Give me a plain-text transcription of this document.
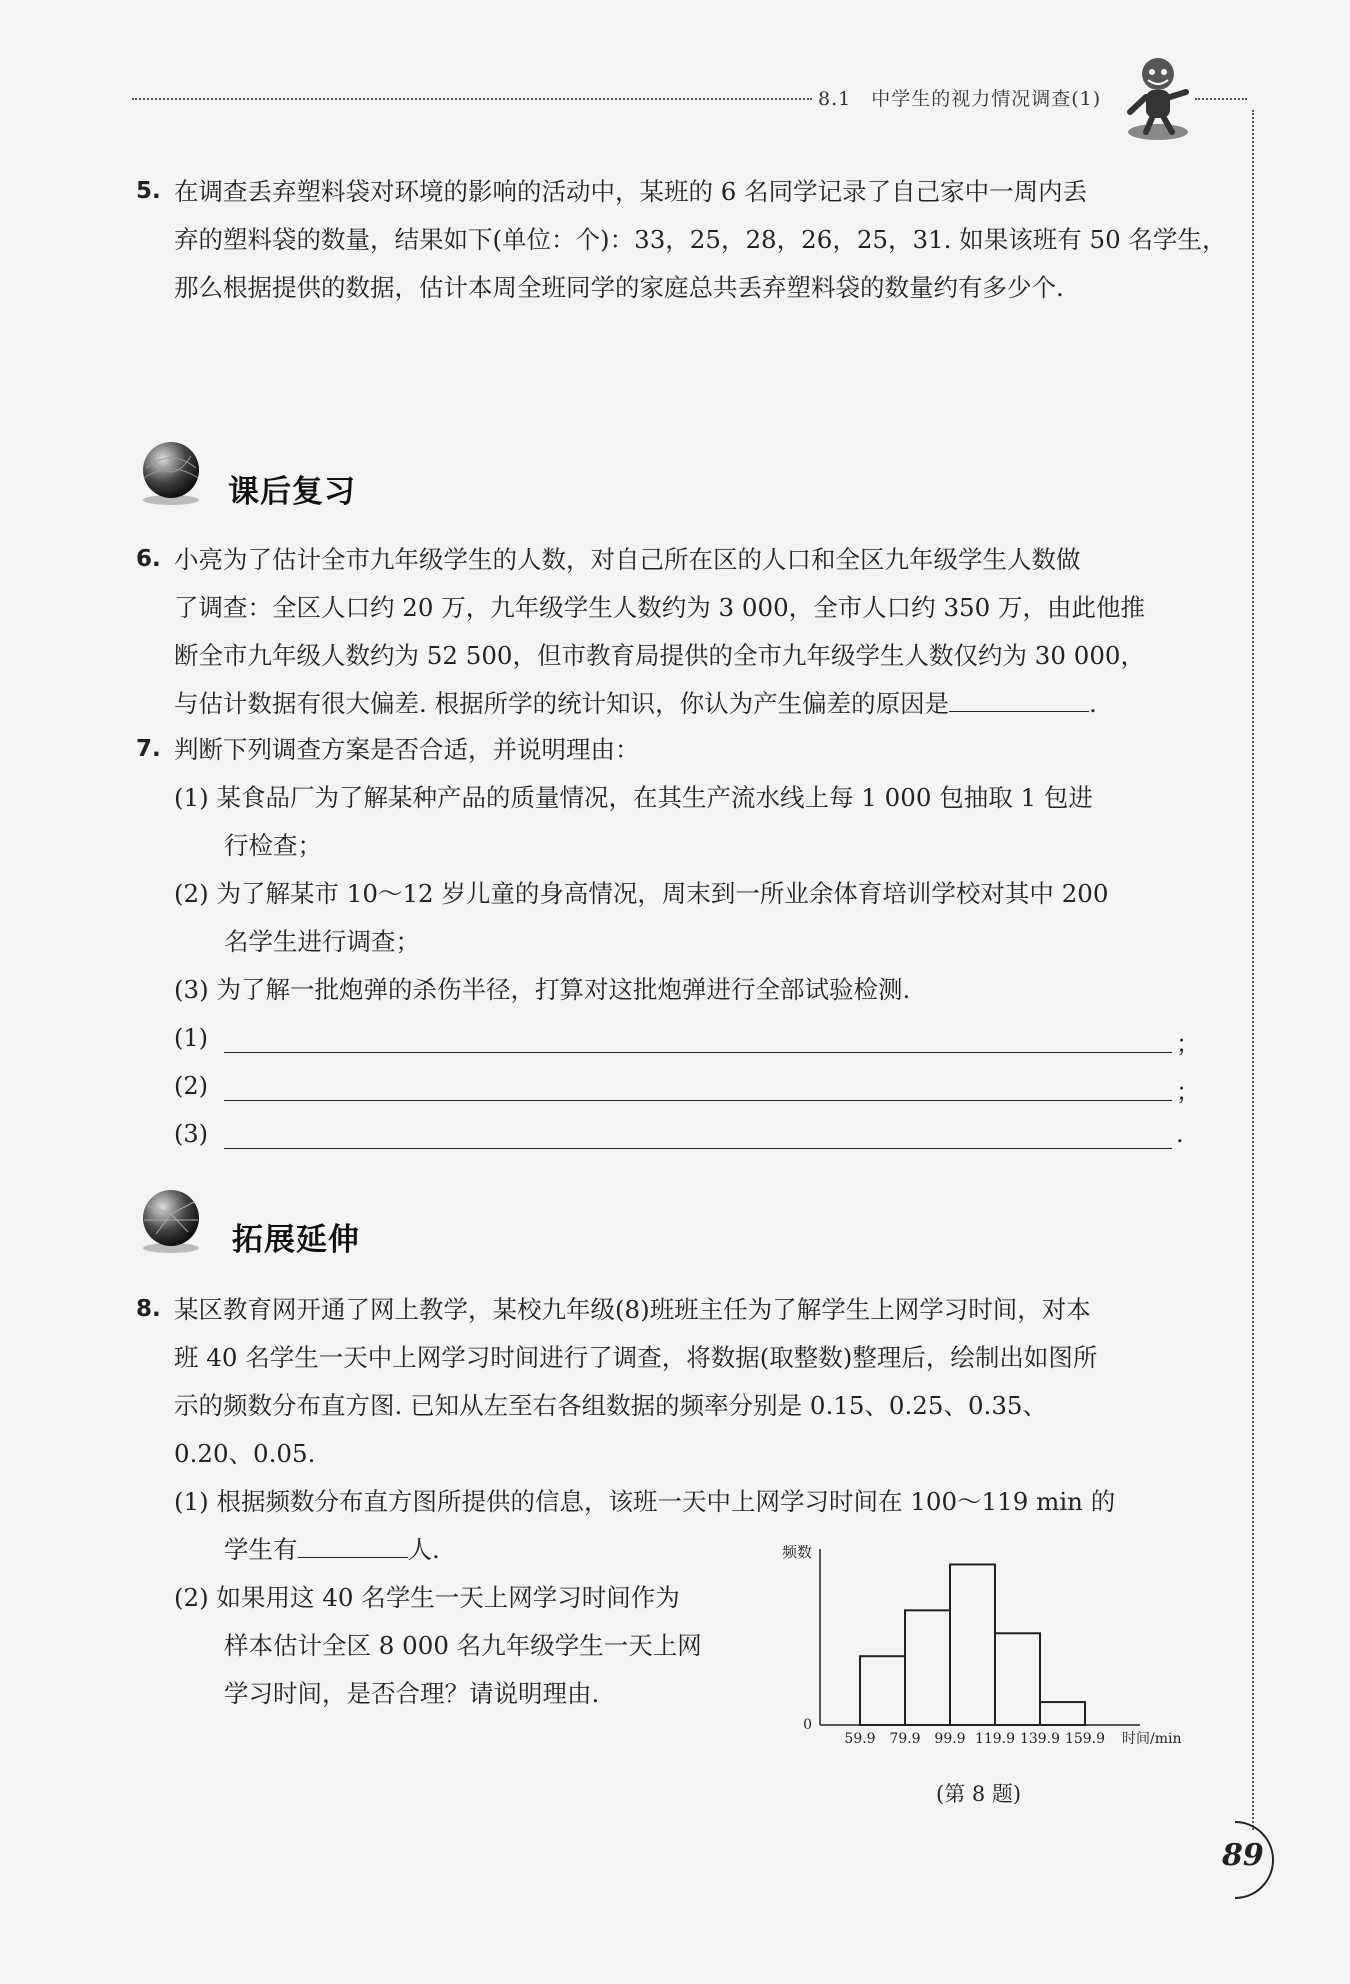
8.1　中学生的视力情况调查(1)
89
5. 在调查丢弃塑料袋对环境的影响的活动中，某班的 6 名同学记录了自己家中一周内丢
弃的塑料袋的数量，结果如下(单位：个)：33，25，28，26，25，31. 如果该班有 50 名学生，
那么根据提供的数据，估计本周全班同学的家庭总共丢弃塑料袋的数量约有多少个.
课后复习
6. 小亮为了估计全市九年级学生的人数，对自己所在区的人口和全区九年级学生人数做
了调查：全区人口约 20 万，九年级学生人数约为 3 000，全市人口约 350 万，由此他推
断全市九年级人数约为 52 500，但市教育局提供的全市九年级学生人数仅约为 30 000，
与估计数据有很大偏差. 根据所学的统计知识，你认为产生偏差的原因是	.
7. 判断下列调查方案是否合适，并说明理由：
(1) 某食品厂为了解某种产品的质量情况，在其生产流水线上每 1 000 包抽取 1 包进
行检查；
(2) 为了解某市 10～12 岁儿童的身高情况，周末到一所业余体育培训学校对其中 200
名学生进行调查；
(3) 为了解一批炮弹的杀伤半径，打算对这批炮弹进行全部试验检测.
(1)	；
(2)	；
(3)	.
拓展延伸
8. 某区教育网开通了网上教学，某校九年级(8)班班主任为了解学生上网学习时间，对本
班 40 名学生一天中上网学习时间进行了调查，将数据(取整数)整理后，绘制出如图所
示的频数分布直方图. 已知从左至右各组数据的频率分别是 0.15、0.25、0.35、
0.20、0.05.
(1) 根据频数分布直方图所提供的信息，该班一天中上网学习时间在 100～119 min 的
学生有	人.
(2) 如果用这 40 名学生一天上网学习时间作为
样本估计全区 8 000 名九年级学生一天上网
学习时间，是否合理？请说明理由.
频数
0
59.9 79.9 99.9 119.9 139.9 159.9 时间/min
(第 8 题)
